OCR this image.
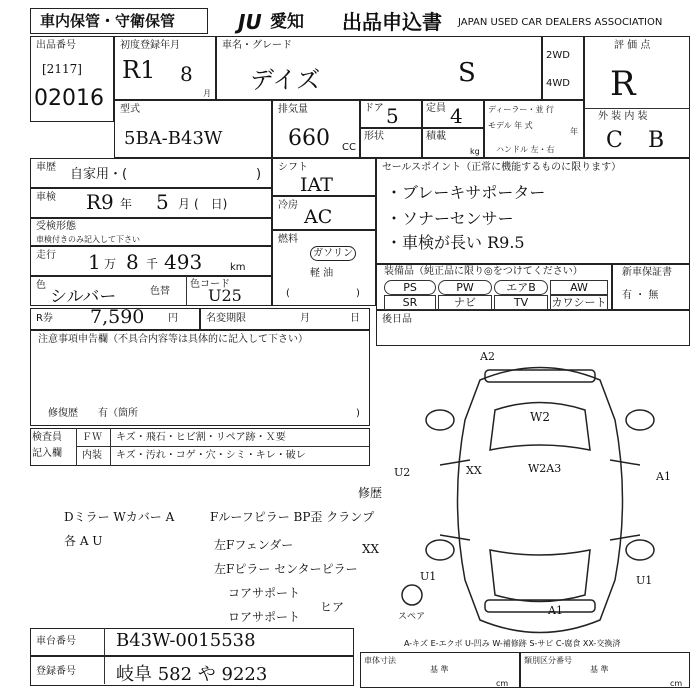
車内保管・守衛保管	JU 愛知 出品申込書 JAPAN USED CAR DEALERS ASSOCIATION
出品番号
[2117]
02016
初度登録年月
R1 8
月
車名・グレード
デイズ	S
2WD
4WD
評 価 点
R
外 装 内 装
C B
型式
5BA-B43W
排気量
660 CC
ドア 5	定員 4
形状	積載
kg
ディーラー・並 行
モデル 年 式
年
ハンドル 左・右
車歴 自家用・(	)
車検 R9 年 5 月 (　日)
受検形態
車検付きのみ記入して下さい
走行 1 万 8 千 493	km
色
シルバー	色替
色コード
U25
シフト
IAT
冷房
AC
燃料
ガソリン
軽 油
(	)
セールスポイント（正常に機能するものに限ります）
・ブレーキサポーター
・ソナーセンサー
・車検が長い R9.5
装備品（純正品に限り◎をつけてください）
PS	PW	エアB	AW
SR	ナビ	TV	カワシート
新車保証書
有 ・ 無
R券 7,590 円	名変期限	月	日
注意事項申告欄（不具合内容等は具体的に記入して下さい）
修復歴　　有（箇所	)
検査員
記入欄
ＦＷ キズ・飛石・ヒビ割・リペア跡・Ｘ要
内装 キズ・汚れ・コゲ・穴・シミ・キレ・破レ
後日品
A2
W2
W2A3
U2	A1
U1	U1
A1
XX
スペア
A-キズ E-エクボ U-凹み W-補修跡 S-サビ C-腐食 XX-交換済
Dミラー Wカバー A
各 A U
Fルーフピラー BP歪 クランプ
左Fフェンダー
左Fピラー センターピラー
コアサポート
ロアサポート
XX
ヒア
修歴
車台番号 B43W-0015538
登録番号 岐阜 582 や 9223
車体寸法
基 準
cm
類別区分番号
基 準
cm
